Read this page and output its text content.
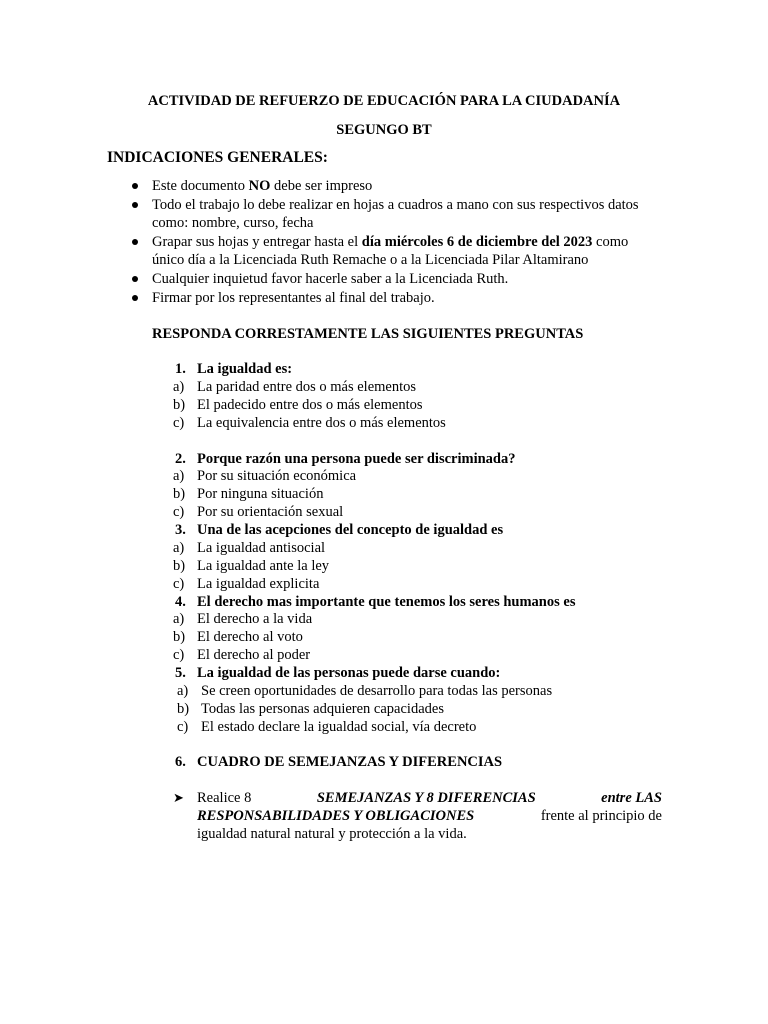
ACTIVIDAD DE REFUERZO DE EDUCACIÓN PARA LA CIUDADANÍA
SEGUNGO BT
INDICACIONES GENERALES:
Este documento NO debe ser impreso
Todo el trabajo lo debe realizar en hojas a cuadros a mano con sus respectivos datos
como: nombre, curso, fecha
Grapar sus hojas y entregar hasta el día miércoles 6 de diciembre del 2023 como
único día a la Licenciada Ruth Remache o a la Licenciada Pilar Altamirano
Cualquier inquietud favor hacerle saber a la Licenciada Ruth.
Firmar por los representantes al final del trabajo.
RESPONDA CORRESTAMENTE LAS SIGUIENTES PREGUNTAS
1. La igualdad es:
a) La paridad entre dos o más elementos
b) El padecido entre dos o más elementos
c) La equivalencia entre dos o más elementos
2. Porque razón una persona puede ser discriminada?
a) Por su situación económica
b) Por ninguna situación
c) Por su orientación sexual
3. Una de las acepciones del concepto de igualdad es
a) La igualdad antisocial
b) La igualdad ante la ley
c) La igualdad explicita
4. El derecho mas importante que tenemos los seres humanos es
a) El derecho a la vida
b) El derecho al voto
c) El derecho al poder
5. La igualdad de las personas puede darse cuando:
a) Se creen oportunidades de desarrollo para todas las personas
b) Todas las personas adquieren capacidades
c) El estado declare la igualdad social, vía decreto
6. CUADRO DE SEMEJANZAS Y DIFERENCIAS
➤ Realice 8	SEMEJANZAS Y 8 DIFERENCIAS	entre LAS
RESPONSABILIDADES Y OBLIGACIONES	frente al principio de
igualdad natural natural y protección a la vida.
